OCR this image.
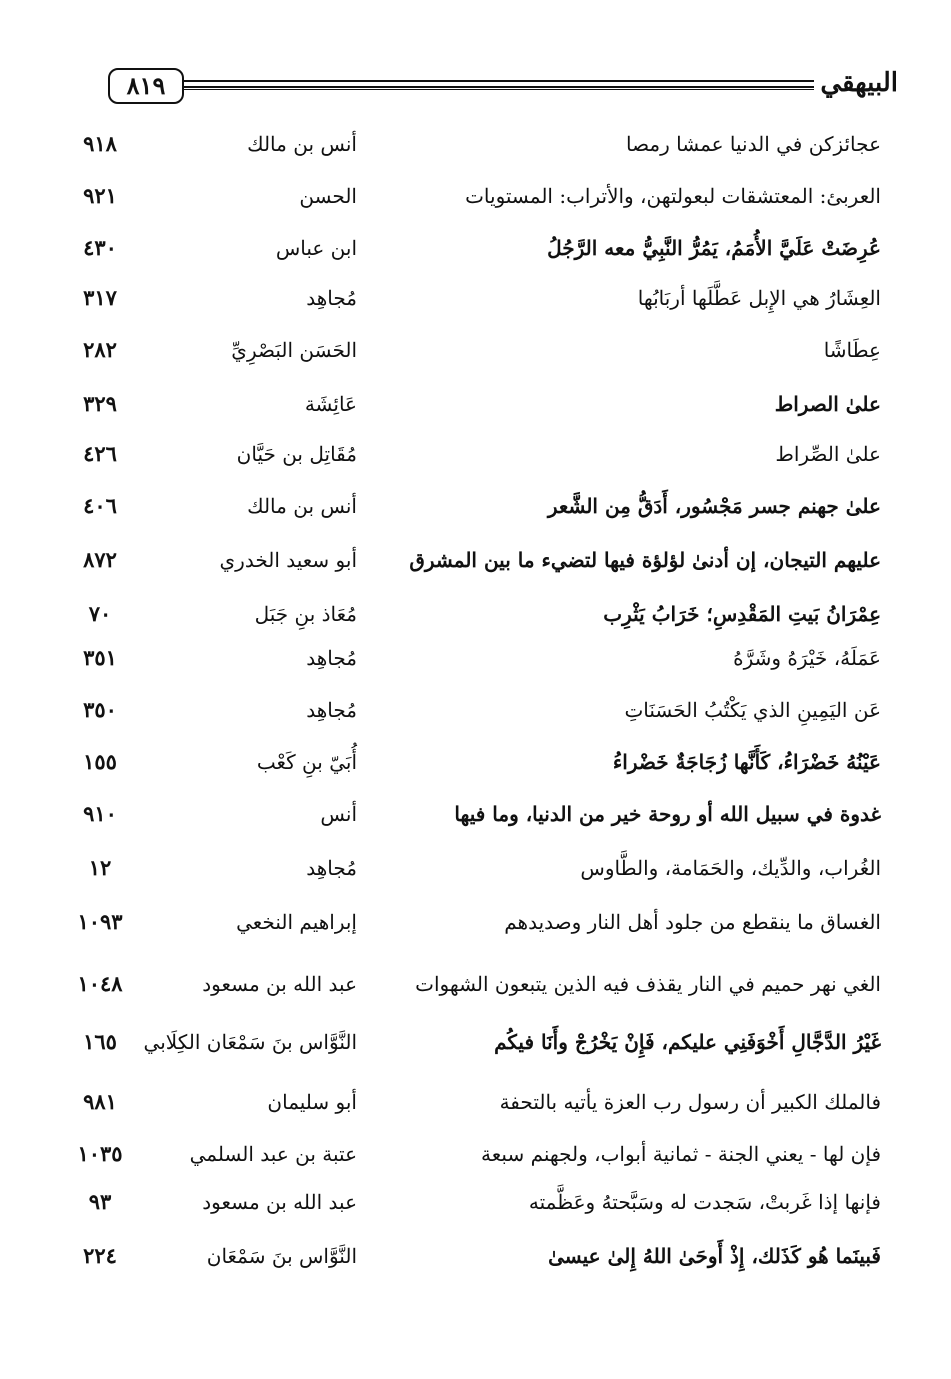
٨١٩	البيهقي
عجائزكن في الدنيا عمشا رمصا
أنس بن مالك
٩١٨
العربئ: المعتشقات لبعولتهن، والأتراب: المستويات
الحسن
٩٢١
عُرِضَتْ عَلَيَّ الأُمَمُ، يَمُرُّ النَّبِيُّ معه الرَّجُلُ
ابن عباس
٤٣٠
العِشَارُ هي الإِبل عَطَّلَها أربَابُها
مُجاهِد
٣١٧
عِطَاشًا
الحَسَن البَصْرِيِّ
٢٨٢
علىٰ الصراط
عَائِشَة
٣٢٩
علىٰ الصِّراط
مُقَاتِل بن حَيَّان
٤٢٦
علىٰ جهنم جسر مَجْسُور، أَدَقُّ مِن الشَّعر
أنس بن مالك
٤٠٦
عليهم التيجان، إن أدنىٰ لؤلؤة فيها لتضيء ما بين المشرق
أبو سعيد الخدري
٨٧٢
عِمْرَانُ بَيتِ المَقْدِسِ؛ خَرَابُ يَثْرِب
مُعَاذ بنِ جَبَل
٧٠
عَمَلَهُ، خَيْرَهُ وشَرَّهُ
مُجاهِد
٣٥١
عَن اليَمِينِ الذي يَكْتُبُ الحَسَنَاتِ
مُجاهِد
٣٥٠
عَيْنُهُ خَضْرَاءُ، كَأَنَّها زُجَاجَةٌ خَضْراءُ
أُبَيّ بنِ كَعْب
١٥٥
غدوة في سبيل الله أو روحة خير من الدنيا، وما فيها
أنس
٩١٠
الغُراب، والدِّيك، والحَمَامة، والطَّاوس
مُجاهِد
١٢
الغساق ما ينقطع من جلود أهل النار وصديدهم
إبراهيم النخعي
١٠٩٣
الغي نهر حميم في النار يقذف فيه الذين يتبعون الشهوات
عبد الله بن مسعود
١٠٤٨
غَيْرُ الدَّجَّالِ أَخْوَفَنِي عليكم، فَإِنْ يَخْرُجْ وأَنَا فيكُم
النَّوَّاس بنَ سَمْعَان الكِلَابي
١٦٥
فالملك الكبير أن رسول رب العزة يأتيه بالتحفة
أبو سليمان
٩٨١
فإن لها - يعني الجنة - ثمانية أبواب، ولجهنم سبعة
عتبة بن عبد السلمي
١٠٣٥
فإنها إذا غَربتْ، سَجدت له وسَبَّحتهُ وعَظَّمته
عبد الله بن مسعود
٩٣
فَبينَما هُو كَذَلك، إِذْ أَوحَىٰ اللهُ إِلىٰ عيسىٰ
النَّوَّاس بنَ سَمْعَان
٢٢٤
